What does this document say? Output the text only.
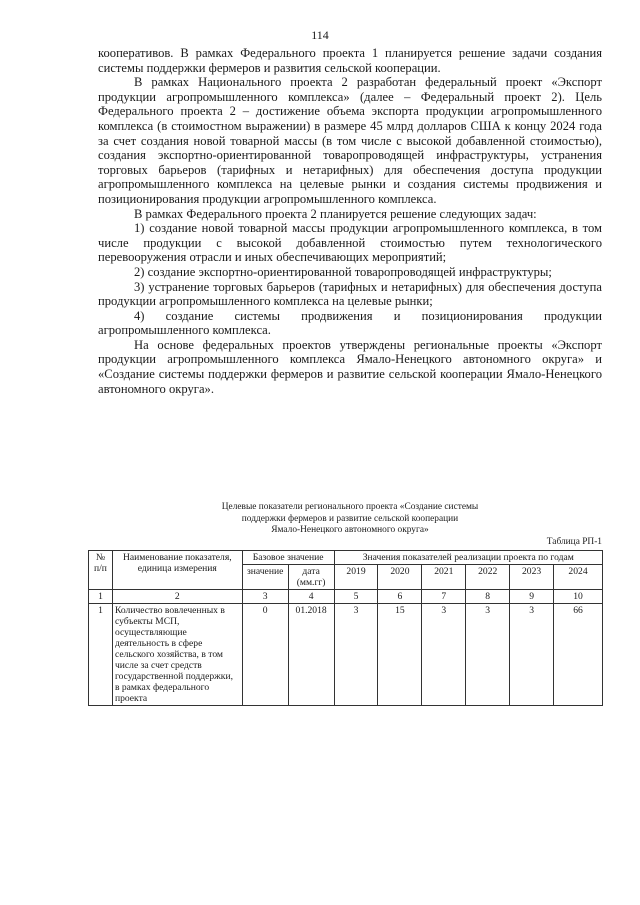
114

кооперативов. В рамках Федерального проекта 1 планируется решение задачи создания системы поддержки фермеров и развития сельской кооперации.

В рамках Национального проекта 2 разработан федеральный проект «Экспорт продукции агропромышленного комплекса» (далее – Федеральный проект 2). Цель Федерального проекта 2 – достижение объема экспорта продукции агропромышленного комплекса (в стоимостном выражении) в размере 45 млрд долларов США к концу 2024 года за счет создания новой товарной массы (в том числе с высокой добавленной стоимостью), создания экспортно-ориентированной товаропроводящей инфраструктуры, устранения торговых барьеров (тарифных и нетарифных) для обеспечения доступа продукции агропромышленного комплекса на целевые рынки и создания системы продвижения и позиционирования продукции агропромышленного комплекса.

В рамках Федерального проекта 2 планируется решение следующих задач:

1) создание новой товарной массы продукции агропромышленного комплекса, в том числе продукции с высокой добавленной стоимостью путем технологического перевооружения отрасли и иных обеспечивающих мероприятий;

2) создание экспортно-ориентированной товаропроводящей инфраструктуры;

3) устранение торговых барьеров (тарифных и нетарифных) для обеспечения доступа продукции агропромышленного комплекса на целевые рынки;

4) создание системы продвижения и позиционирования продукции агропромышленного комплекса.

На основе федеральных проектов утверждены региональные проекты «Экспорт продукции агропромышленного комплекса Ямало-Ненецкого автономного округа» и «Создание системы поддержки фермеров и развитие сельской кооперации Ямало-Ненецкого автономного округа».

Целевые показатели регионального проекта «Создание системы
поддержки фермеров и развитие сельской кооперации
Ямало-Ненецкого автономного округа»
Таблица РП-1
№ п/п	Наименование показателя, единица измерения	Базовое значение		Значения показателей реализации проекта по годам					
		значение	дата (мм.гг)	2019	2020	2021	2022	2023	2024
1	2	3	4	5	6	7	8	9	10
1	Количество вовлеченных в субъекты МСП, осуществляющие деятельность в сфере сельского хозяйства, в том числе за счет средств государственной поддержки, в рамках федерального проекта	0	01.2018	3	15	3	3	3	66
